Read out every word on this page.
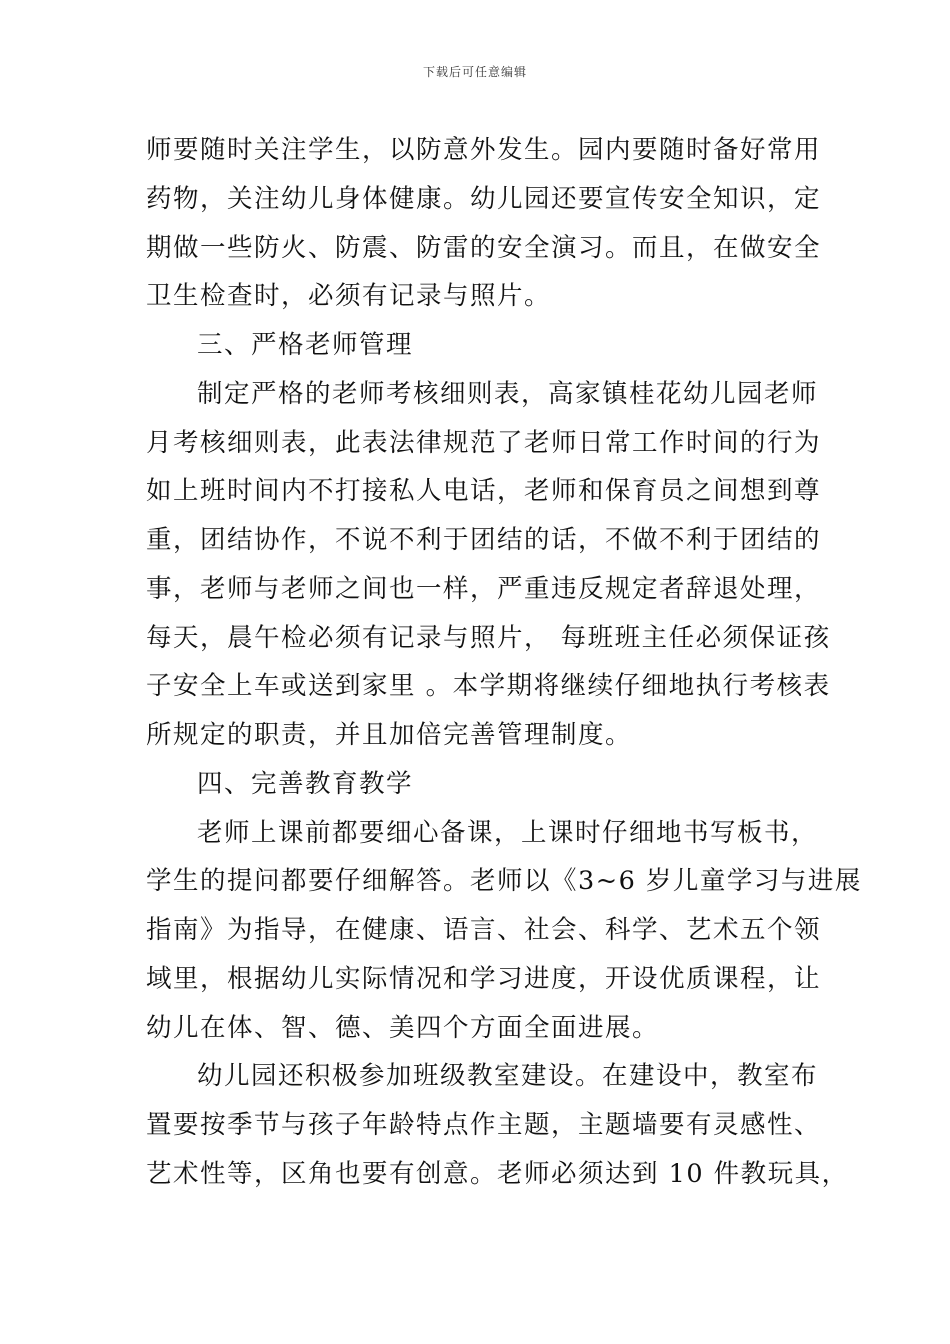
下载后可任意编辑
师要随时关注学生，以防意外发生。园内要随时备好常用
药物，关注幼儿身体健康。幼儿园还要宣传安全知识，定
期做一些防火、防震、防雷的安全演习。而且，在做安全
卫生检查时，必须有记录与照片。
三、严格老师管理
制定严格的老师考核细则表，高家镇桂花幼儿园老师
月考核细则表，此表法律规范了老师日常工作时间的行为
如上班时间内不打接私人电话，老师和保育员之间想到尊
重，团结协作，不说不利于团结的话，不做不利于团结的
事，老师与老师之间也一样，严重违反规定者辞退处理，
每天，晨午检必须有记录与照片， 每班班主任必须保证孩
子安全上车或送到家里 。本学期将继续仔细地执行考核表
所规定的职责，并且加倍完善管理制度。
四、完善教育教学
老师上课前都要细心备课，上课时仔细地书写板书，
学生的提问都要仔细解答。老师以《3~6 岁儿童学习与进展
指南》为指导，在健康、语言、社会、科学、艺术五个领
域里，根据幼儿实际情况和学习进度，开设优质课程，让
幼儿在体、智、德、美四个方面全面进展。
幼儿园还积极参加班级教室建设。在建设中，教室布
置要按季节与孩子年龄特点作主题，主题墙要有灵感性、
艺术性等，区角也要有创意。老师必须达到 10 件教玩具，
